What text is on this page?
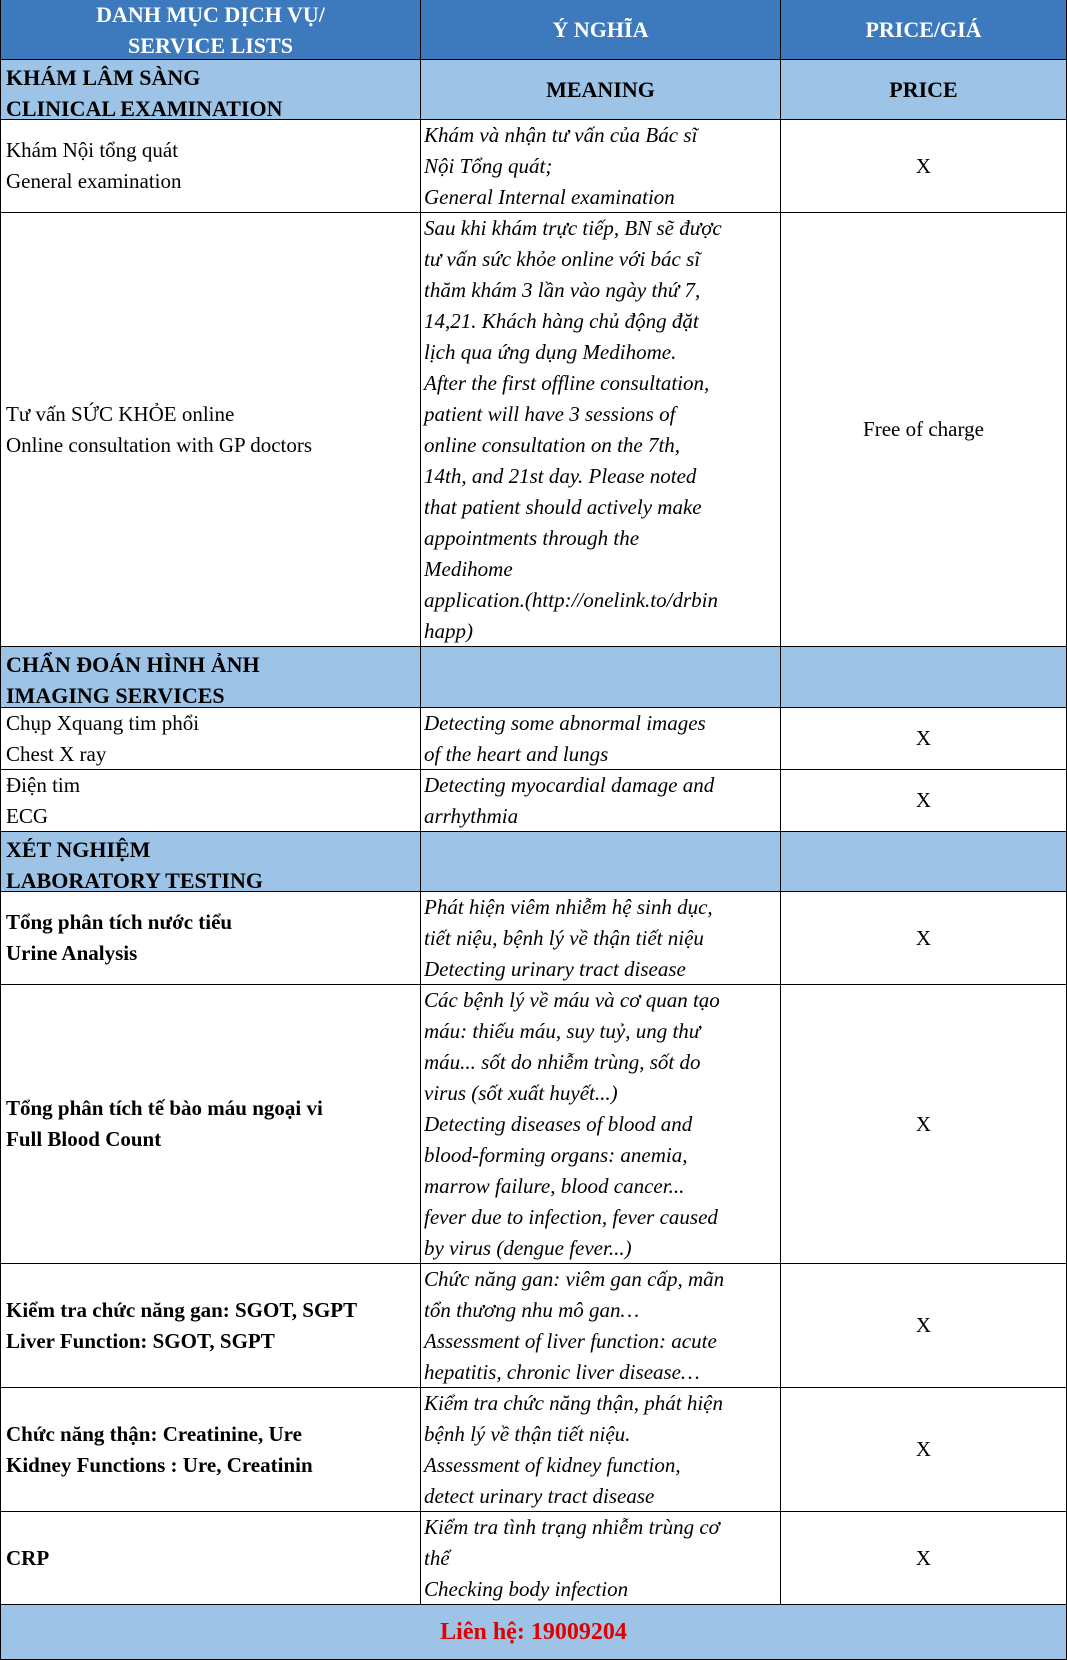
DANH MỤC DỊCH VỤ/ SERVICE LISTS
Ý NGHĨA	PRICE/GIÁ
KHÁM LÂM SÀNG
CLINICAL EXAMINATION
MEANING	PRICE
Khám Nội tổng quát
General examination
Khám và nhận tư vấn của Bác sĩ
Nội Tổng quát;
General Internal examination
X
Tư vấn SỨC KHỎE online
Online consultation with GP doctors
Sau khi khám trực tiếp, BN sẽ được
tư vấn sức khỏe online với bác sĩ
thăm khám 3 lần vào ngày thứ 7,
14,21. Khách hàng chủ động đặt
lịch qua ứng dụng Medihome.
After the first offline consultation,
patient will have 3 sessions of
online consultation on the 7th,
14th, and 21st day. Please noted
that patient should actively make
appointments through the
Medihome
application.(http://onelink.to/drbin
happ)
Free of charge
CHẨN ĐOÁN HÌNH ẢNH
IMAGING SERVICES
Chụp Xquang tim phổi
Chest X ray
Detecting some abnormal images
of the heart and lungs
X
Điện tim
ECG
Detecting myocardial damage and
arrhythmia
X
XÉT NGHIỆM
LABORATORY TESTING
Tổng phân tích nước tiểu
Urine Analysis
Phát hiện viêm nhiễm hệ sinh dục,
tiết niệu, bệnh lý về thận tiết niệu
Detecting urinary tract disease
X
Tổng phân tích tế bào máu ngoại vi
Full Blood Count
Các bệnh lý về máu và cơ quan tạo
máu: thiếu máu, suy tuỷ, ung thư
máu... sốt do nhiễm trùng, sốt do
virus (sốt xuất huyết...)
Detecting diseases of blood and
blood-forming organs: anemia,
marrow failure, blood cancer...
fever due to infection, fever caused
by virus (dengue fever...)
X
Kiểm tra chức năng gan: SGOT, SGPT
Liver Function: SGOT, SGPT
Chức năng gan: viêm gan cấp, mãn
tổn thương nhu mô gan…
Assessment of liver function: acute
hepatitis, chronic liver disease…
X
Chức năng thận: Creatinine, Ure
Kidney Functions : Ure, Creatinin
Kiểm tra chức năng thận, phát hiện
bệnh lý về thận tiết niệu.
Assessment of kidney function,
detect urinary tract disease
X
CRP
Kiểm tra tình trạng nhiễm trùng cơ
thể
Checking body infection
X
Liên hệ: 19009204
